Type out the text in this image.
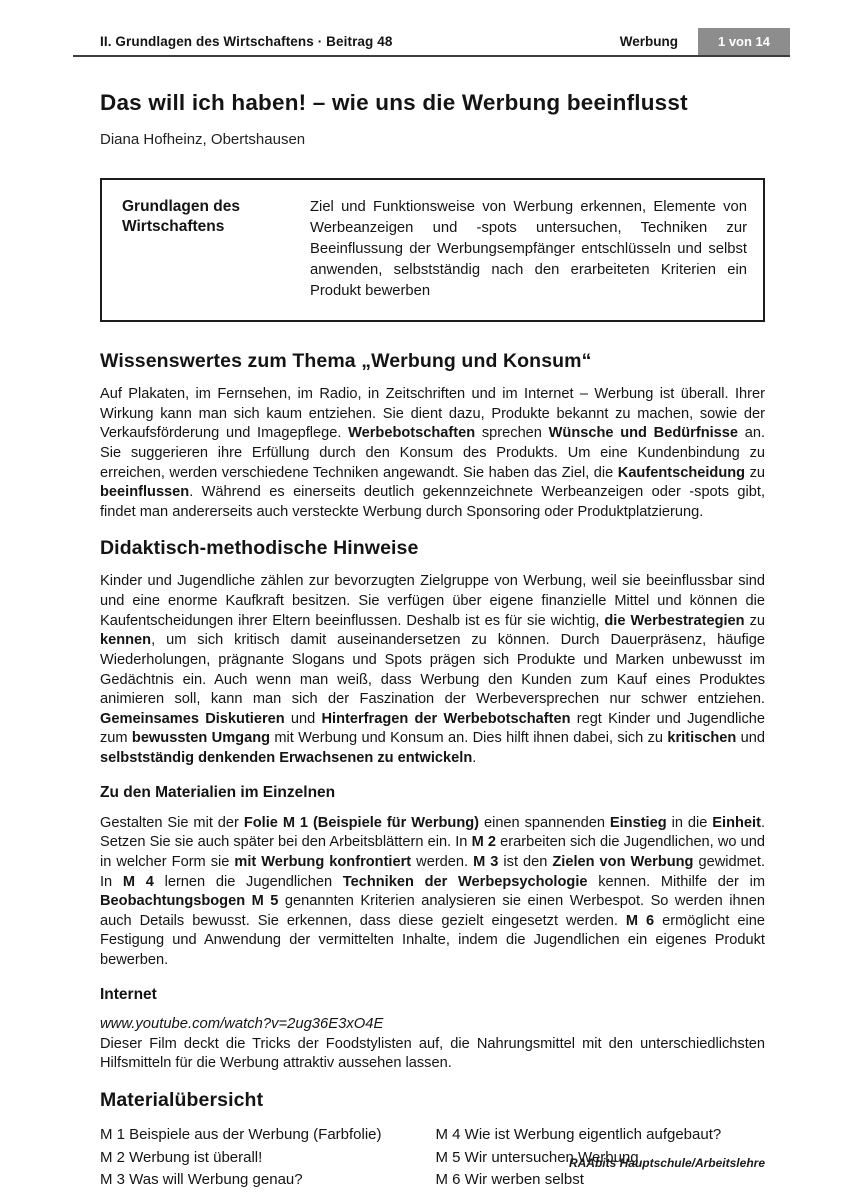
II. Grundlagen des Wirtschaftens · Beitrag 48	Werbung	1 von 14
Das will ich haben! – wie uns die Werbung beeinflusst
Diana Hofheinz, Obertshausen
Grundlagen des Wirtschaftens
Ziel und Funktionsweise von Werbung erkennen, Elemente von Werbeanzeigen und -spots untersuchen, Techniken zur Beeinflussung der Werbungsempfänger entschlüsseln und selbst anwenden, selbstständig nach den erarbeiteten Kriterien ein Produkt bewerben
Wissenswertes zum Thema „Werbung und Konsum“

Auf Plakaten, im Fernsehen, im Radio, in Zeitschriften und im Internet – Werbung ist überall. Ihrer Wirkung kann man sich kaum entziehen. Sie dient dazu, Produkte bekannt zu machen, sowie der Verkaufsförderung und Imagepflege. Werbebotschaften sprechen Wünsche und Bedürfnisse an. Sie suggerieren ihre Erfüllung durch den Konsum des Produkts. Um eine Kundenbindung zu erreichen, werden verschiedene Techniken angewandt. Sie haben das Ziel, die Kaufentscheidung zu beeinflussen. Während es einerseits deutlich gekennzeichnete Werbeanzeigen oder -spots gibt, findet man andererseits auch versteckte Werbung durch Sponsoring oder Produktplatzierung.

Didaktisch-methodische Hinweise

Kinder und Jugendliche zählen zur bevorzugten Zielgruppe von Werbung, weil sie beeinflussbar sind und eine enorme Kaufkraft besitzen. Sie verfügen über eigene finanzielle Mittel und können die Kaufentscheidungen ihrer Eltern beeinflussen. Deshalb ist es für sie wichtig, die Werbestrategien zu kennen, um sich kritisch damit auseinandersetzen zu können. Durch Dauerpräsenz, häufige Wiederholungen, prägnante Slogans und Spots prägen sich Produkte und Marken unbewusst im Gedächtnis ein. Auch wenn man weiß, dass Werbung den Kunden zum Kauf eines Produktes animieren soll, kann man sich der Faszination der Werbeversprechen nur schwer entziehen. Gemeinsames Diskutieren und Hinterfragen der Werbebotschaften regt Kinder und Jugendliche zum bewussten Umgang mit Werbung und Konsum an. Dies hilft ihnen dabei, sich zu kritischen und selbstständig denkenden Erwachsenen zu entwickeln.

Zu den Materialien im Einzelnen

Gestalten Sie mit der Folie M 1 (Beispiele für Werbung) einen spannenden Einstieg in die Einheit. Setzen Sie sie auch später bei den Arbeitsblättern ein. In M 2 erarbeiten sich die Jugendlichen, wo und in welcher Form sie mit Werbung konfrontiert werden. M 3 ist den Zielen von Werbung gewidmet. In M 4 lernen die Jugendlichen Techniken der Werbepsychologie kennen. Mithilfe der im Beobachtungsbogen M 5 genannten Kriterien analysieren sie einen Werbespot. So werden ihnen auch Details bewusst. Sie erkennen, dass diese gezielt eingesetzt werden. M 6 ermöglicht eine Festigung und Anwendung der vermittelten Inhalte, indem die Jugendlichen ein eigenes Produkt bewerben.

Internet
www.youtube.com/watch?v=2ug36E3xO4E

Dieser Film deckt die Tricks der Foodstylisten auf, die Nahrungsmittel mit den unterschiedlichsten Hilfsmitteln für die Werbung attraktiv aussehen lassen.

Materialübersicht
M 1 Beispiele aus der Werbung (Farbfolie)
M 2 Werbung ist überall!
M 3 Was will Werbung genau?
M 4 Wie ist Werbung eigentlich aufgebaut?
M 5 Wir untersuchen Werbung
M 6 Wir werben selbst
RAAbits Hauptschule/Arbeitslehre
